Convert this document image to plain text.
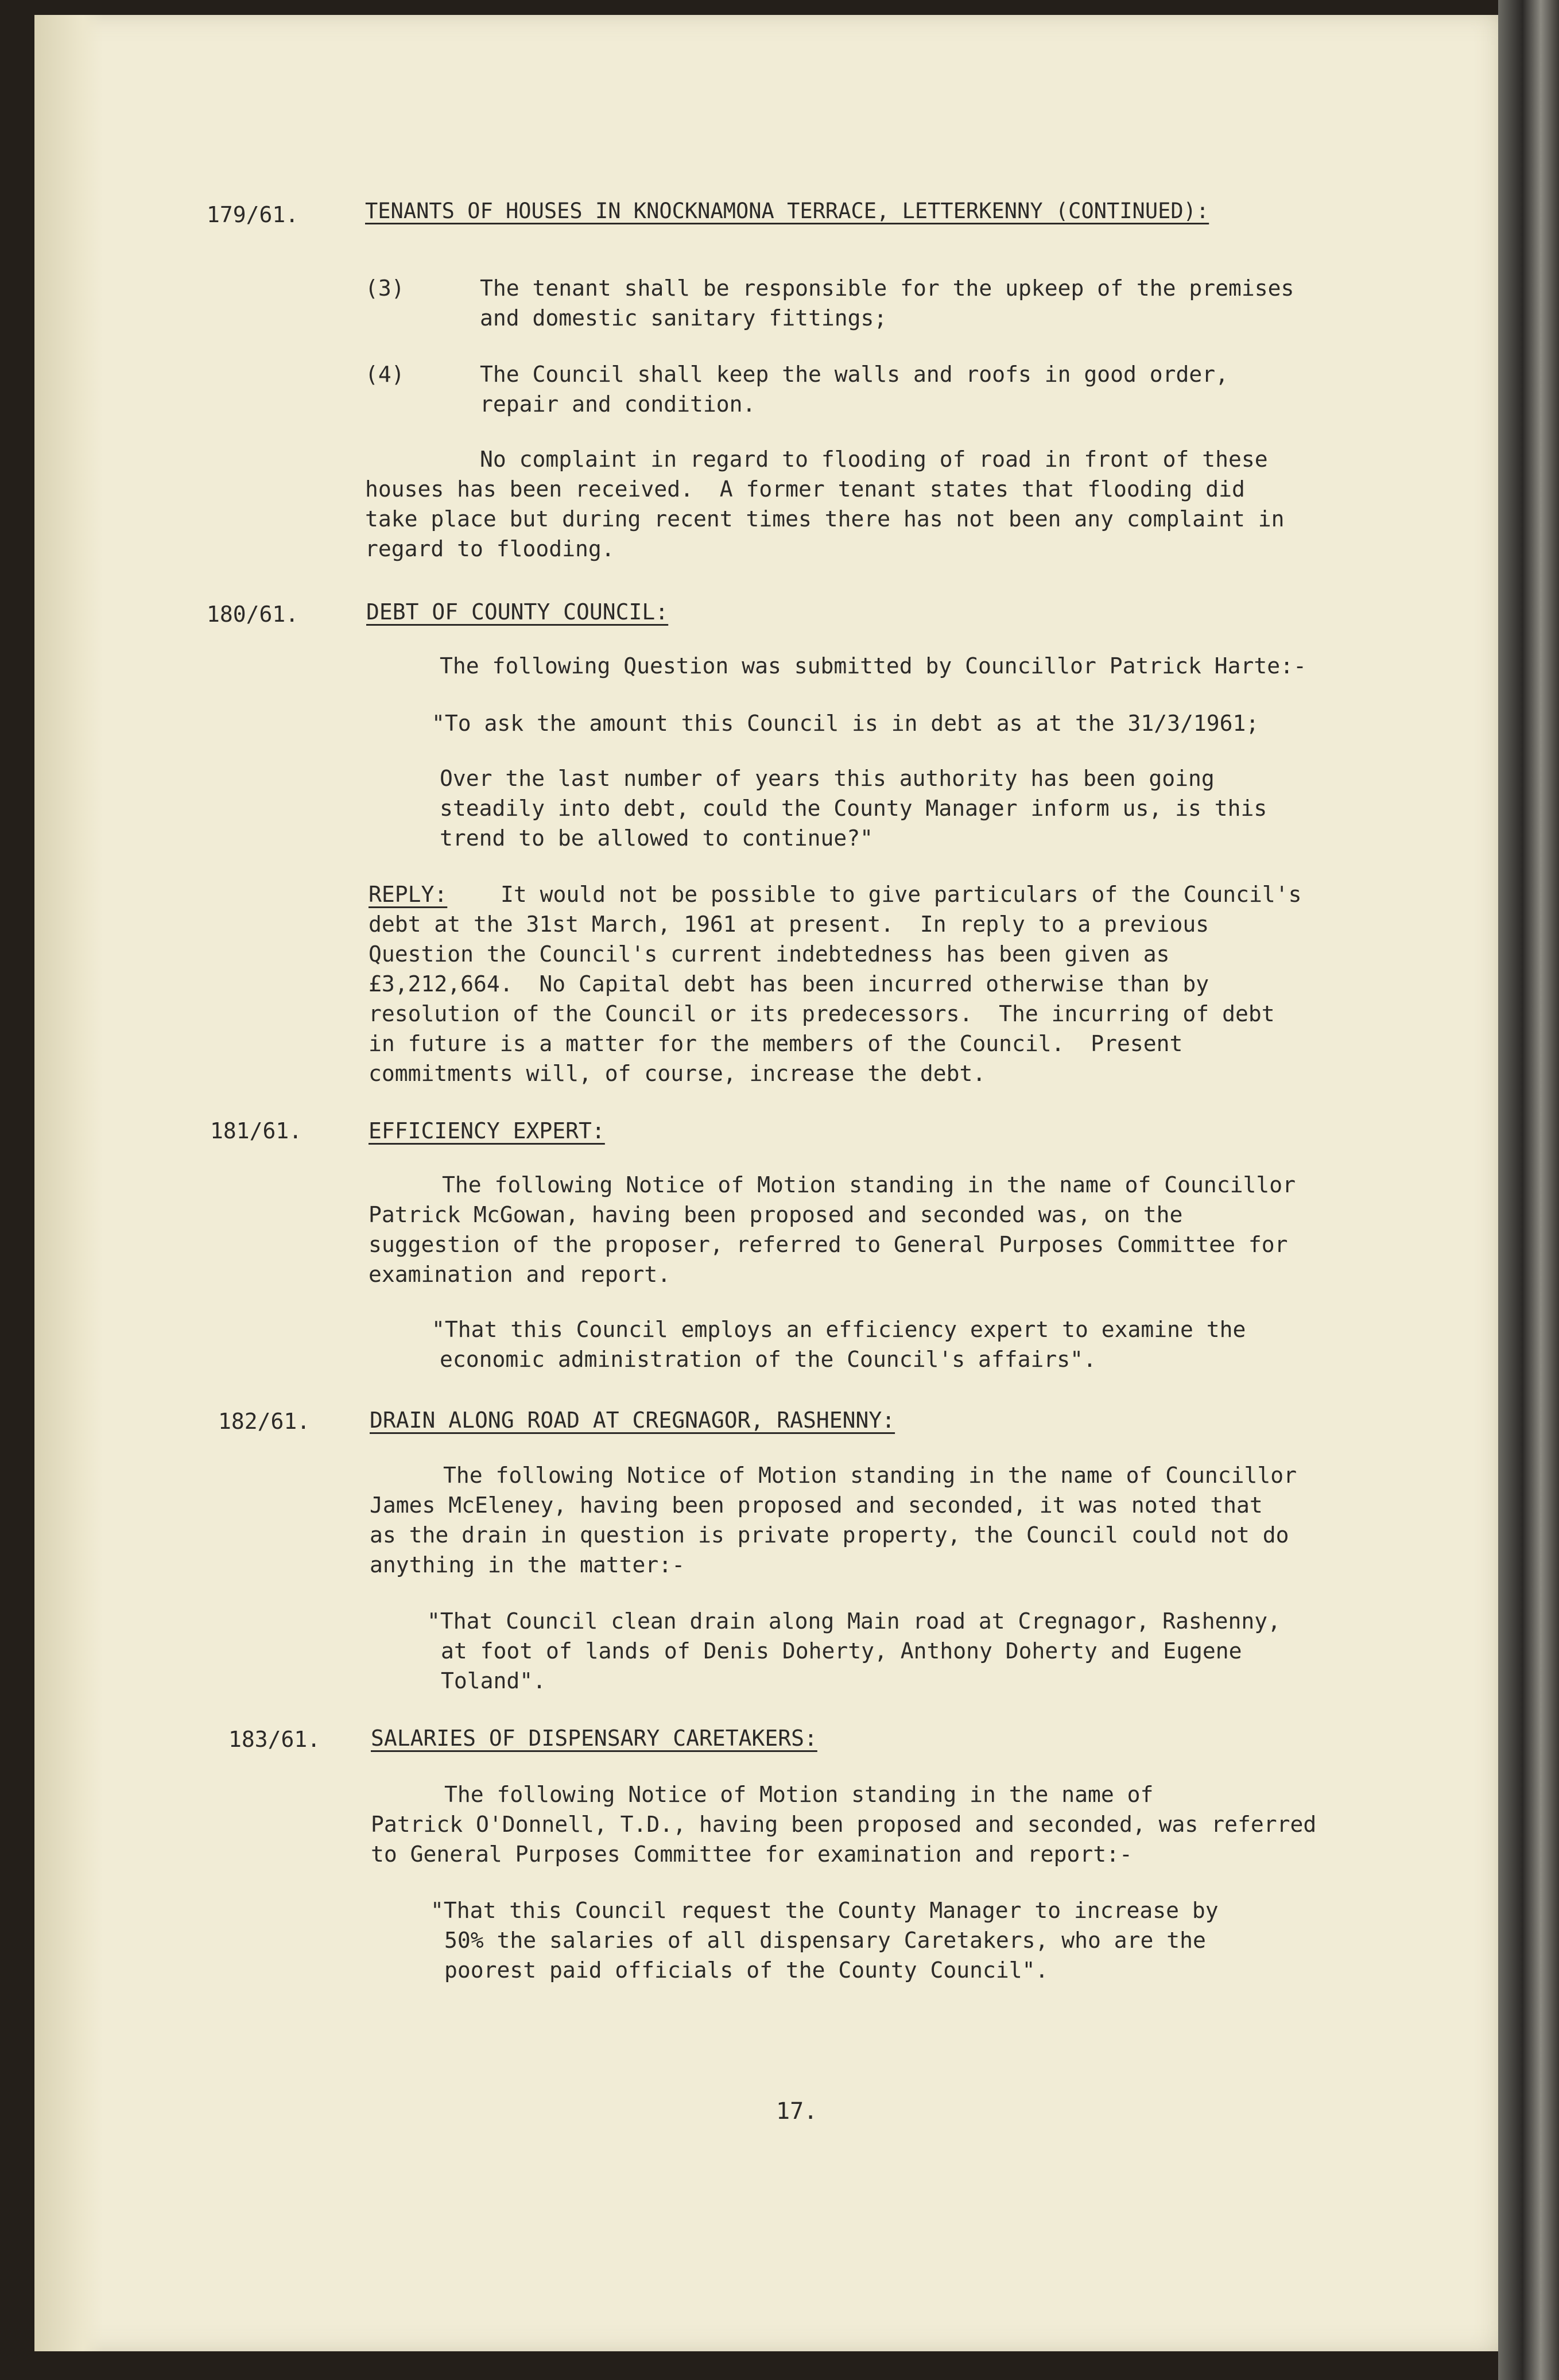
179/61.	TENANTS OF HOUSES IN KNOCKNAMONA TERRACE, LETTERKENNY (CONTINUED):
(3)	The tenant shall be responsible for the upkeep of the premises
and domestic sanitary fittings;
(4)	The Council shall keep the walls and roofs in good order,
repair and condition.
No complaint in regard to flooding of road in front of these
houses has been received.  A former tenant states that flooding did
take place but during recent times there has not been any complaint in
regard to flooding.
180/61.	DEBT OF COUNTY COUNCIL:
The following Question was submitted by Councillor Patrick Harte:-
"To ask the amount this Council is in debt as at the 31/3/1961;
Over the last number of years this authority has been going
steadily into debt, could the County Manager inform us, is this
trend to be allowed to continue?"
REPLY:	It would not be possible to give particulars of the Council's
debt at the 31st March, 1961 at present.  In reply to a previous
Question the Council's current indebtedness has been given as
£3,212,664.  No Capital debt has been incurred otherwise than by
resolution of the Council or its predecessors.  The incurring of debt
in future is a matter for the members of the Council.  Present
commitments will, of course, increase the debt.
181/61.	EFFICIENCY EXPERT:
The following Notice of Motion standing in the name of Councillor
Patrick McGowan, having been proposed and seconded was, on the
suggestion of the proposer, referred to General Purposes Committee for
examination and report.
"That this Council employs an efficiency expert to examine the
economic administration of the Council's affairs".
182/61.	DRAIN ALONG ROAD AT CREGNAGOR, RASHENNY:
The following Notice of Motion standing in the name of Councillor
James McEleney, having been proposed and seconded, it was noted that
as the drain in question is private property, the Council could not do
anything in the matter:-
"That Council clean drain along Main road at Cregnagor, Rashenny,
at foot of lands of Denis Doherty, Anthony Doherty and Eugene
Toland".
183/61. SALARIES OF DISPENSARY CARETAKERS:
The following Notice of Motion standing in the name of
Patrick O'Donnell, T.D., having been proposed and seconded, was referred
to General Purposes Committee for examination and report:-
"That this Council request the County Manager to increase by
50% the salaries of all dispensary Caretakers, who are the
poorest paid officials of the County Council".
17.
